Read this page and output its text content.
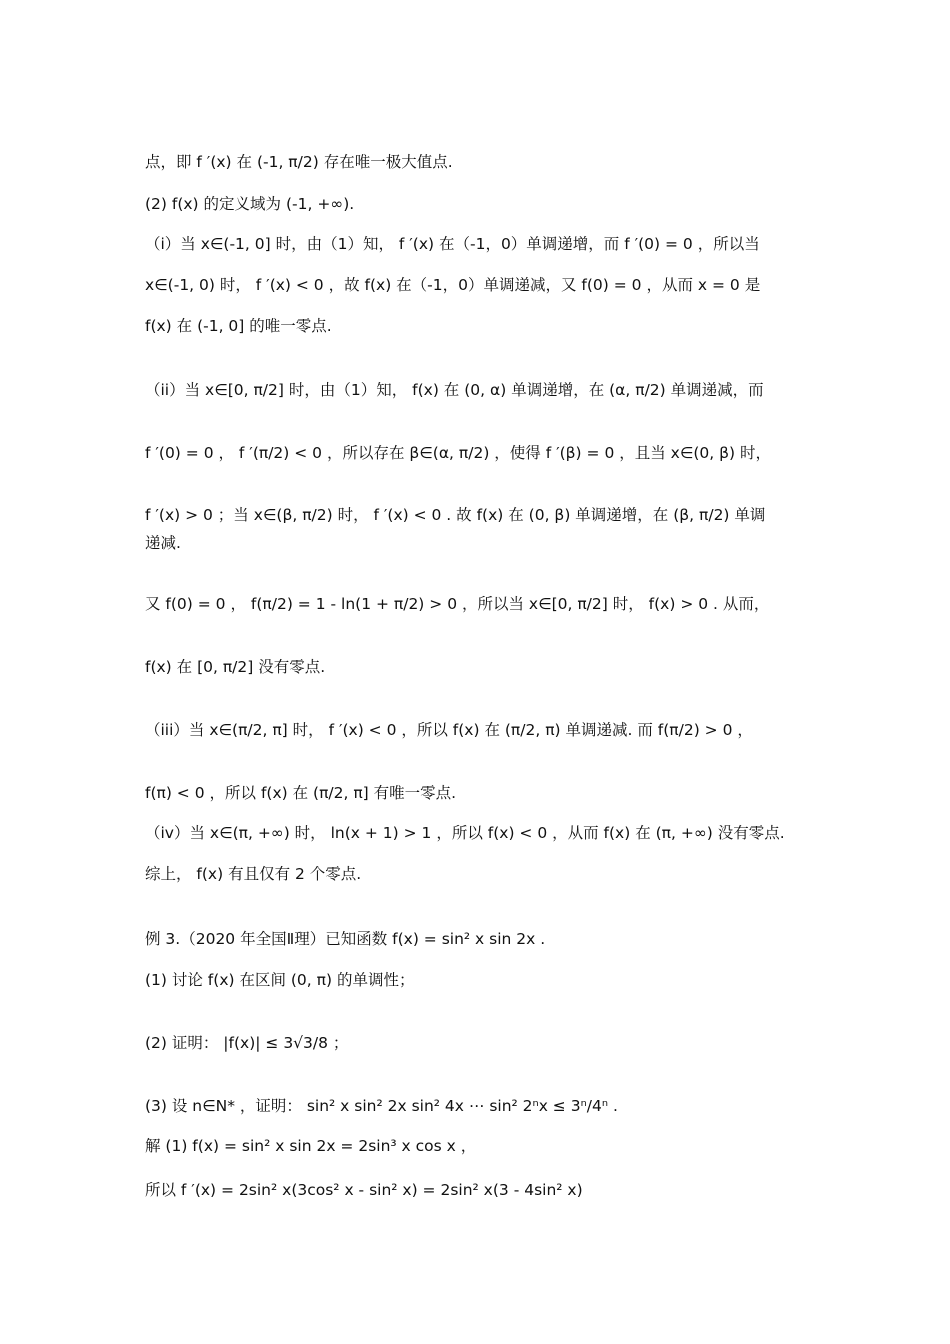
点，即 f ′(x) 在 (-1, π/2) 存在唯一极大值点.
(2) f(x) 的定义域为 (-1, +∞).
（i）当 x∈(-1, 0] 时，由（1）知， f ′(x) 在（-1，0）单调递增，而 f ′(0) = 0 ，所以当
x∈(-1, 0) 时， f ′(x) < 0 ，故 f(x) 在（-1，0）单调递减，又 f(0) = 0 ，从而 x = 0 是
f(x) 在 (-1, 0] 的唯一零点.
（ii）当 x∈[0, π/2] 时，由（1）知， f(x) 在 (0, α) 单调递增，在 (α, π/2) 单调递减，而
f ′(0) = 0 ， f ′(π/2) < 0 ，所以存在 β∈(α, π/2) ，使得 f ′(β) = 0 ，且当 x∈(0, β) 时，
f ′(x) > 0 ；当 x∈(β, π/2) 时， f ′(x) < 0 . 故 f(x) 在 (0, β) 单调递增，在 (β, π/2) 单调
递减.
又 f(0) = 0 ， f(π/2) = 1 - ln(1 + π/2) > 0 ，所以当 x∈[0, π/2] 时， f(x) > 0 . 从而，
f(x) 在 [0, π/2] 没有零点.
（iii）当 x∈(π/2, π] 时， f ′(x) < 0 ，所以 f(x) 在 (π/2, π) 单调递减. 而 f(π/2) > 0 ，
f(π) < 0 ，所以 f(x) 在 (π/2, π] 有唯一零点.
（iv）当 x∈(π, +∞) 时， ln(x + 1) > 1 ，所以 f(x) < 0 ，从而 f(x) 在 (π, +∞) 没有零点.
综上， f(x) 有且仅有 2 个零点.
例 3.（2020 年全国Ⅱ理）已知函数 f(x) = sin² x sin 2x .
(1) 讨论 f(x) 在区间 (0, π) 的单调性；
(2) 证明： |f(x)| ≤ 3√3/8 ；
(3) 设 n∈N* ，证明： sin² x sin² 2x sin² 4x ⋯ sin² 2ⁿx ≤ 3ⁿ/4ⁿ .
解 (1) f(x) = sin² x sin 2x = 2sin³ x cos x ，
所以 f ′(x) = 2sin² x(3cos² x - sin² x) = 2sin² x(3 - 4sin² x)
